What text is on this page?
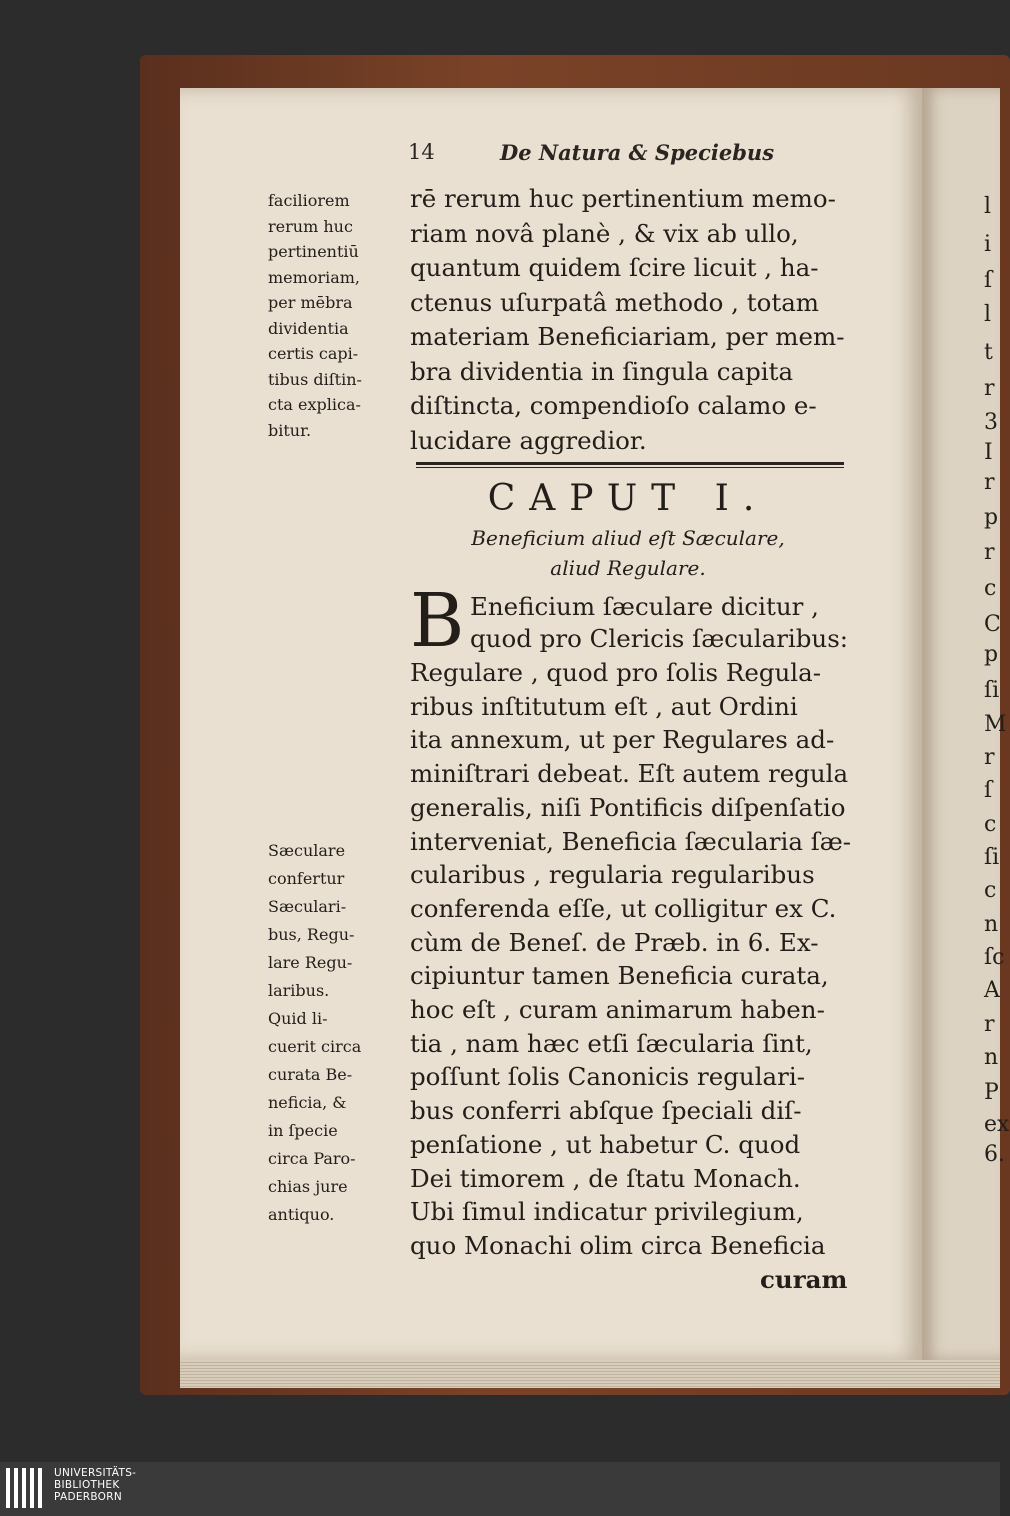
l
i
ſ
l
t
r
3
I
r
p
r
c
C
p
ſi
M
r
ſ
c
ſi
c
n
ſc
A
r
n
P
ex
6.
14	De Natura & Speciebus
rē rerum huc pertinentium memo-
riam novâ planè , & vix ab ullo,
quantum quidem ſcire licuit , ha-
ctenus uſurpatâ methodo , totam
materiam Beneficiariam, per mem-
bra dividentia in ſingula capita
diſtincta, compendioſo calamo e-
lucidare aggredior.
faciliorem
rerum huc
pertinentiū
memoriam,
per mēbra
dividentia
certis capi-
tibus diſtin-
cta explica-
bitur.
CAPUT I.
Beneficium aliud eſt Sæculare,
aliud Regulare.
B Eneficium ſæculare dicitur ,
quod pro Clericis ſæcularibus:
Regulare , quod pro ſolis Regula-
ribus inſtitutum eſt , aut Ordini
ita annexum, ut per Regulares ad-
miniſtrari debeat. Eſt autem regula
generalis, niſi Pontificis diſpenſatio
interveniat, Beneficia ſæcularia ſæ-
cularibus , regularia regularibus
conferenda eſſe, ut colligitur ex C.
cùm de Beneſ. de Præb. in 6. Ex-
cipiuntur tamen Beneficia curata,
hoc eſt , curam animarum haben-
tia , nam hæc etſi ſæcularia ſint,
poſſunt ſolis Canonicis regulari-
bus conferri abſque ſpeciali diſ-
penſatione , ut habetur C. quod
Dei timorem , de ſtatu Monach.
Ubi ſimul indicatur privilegium,
quo Monachi olim circa Beneficia
Sæculare
confertur
Sæculari-
bus, Regu-
lare Regu-
laribus.
Quid li-
cuerit circa
curata Be-
neficia, &
in ſpecie
circa Paro-
chias jure
antiquo.
curam
UNIVERSITÄTS-
BIBLIOTHEK
PADERBORN
